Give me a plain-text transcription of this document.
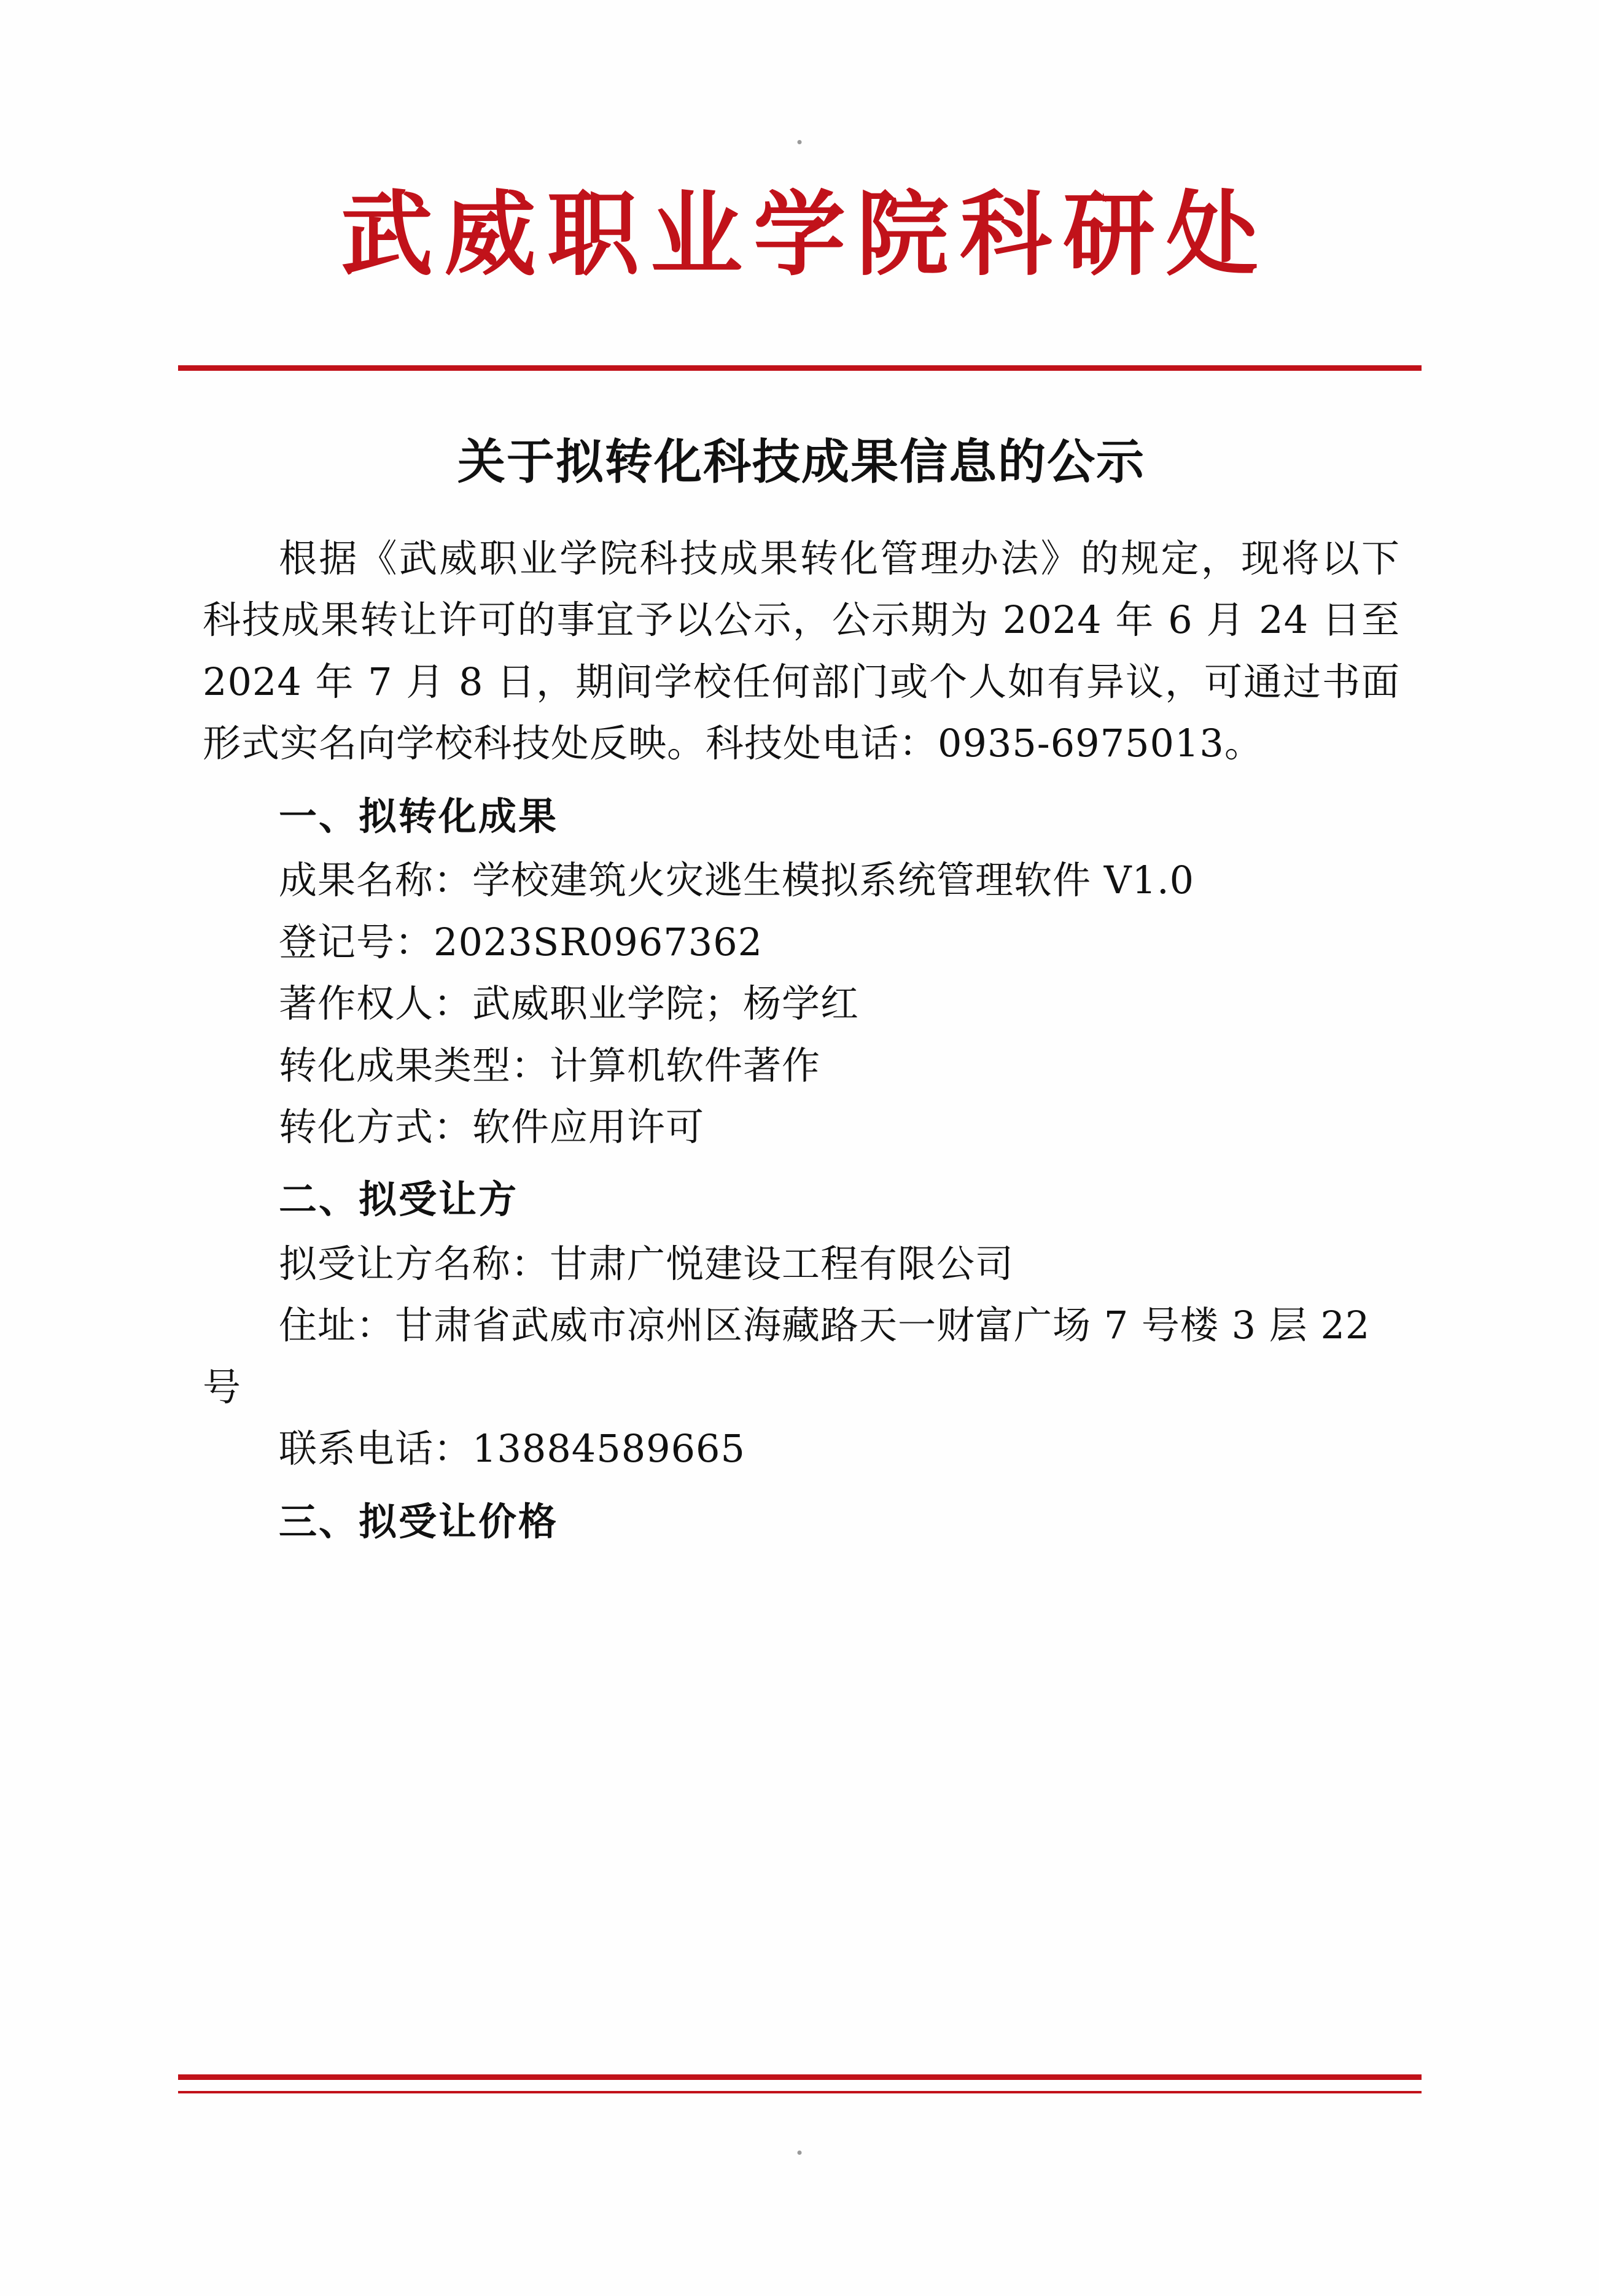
武威职业学院科研处
关于拟转化科技成果信息的公示

根据《武威职业学院科技成果转化管理办法》的规定，现将以下科技成果转让许可的事宜予以公示，公示期为 2024 年 6 月 24 日至 2024 年 7 月 8 日，期间学校任何部门或个人如有异议，可通过书面形式实名向学校科技处反映。科技处电话：0935-6975013。

一、拟转化成果

成果名称：学校建筑火灾逃生模拟系统管理软件 V1.0

登记号：2023SR0967362

著作权人：武威职业学院；杨学红

转化成果类型：计算机软件著作

转化方式：软件应用许可

二、拟受让方

拟受让方名称：甘肃广悦建设工程有限公司

住址：甘肃省武威市凉州区海藏路天一财富广场 7 号楼 3 层 22 号

联系电话：13884589665

三、拟受让价格
